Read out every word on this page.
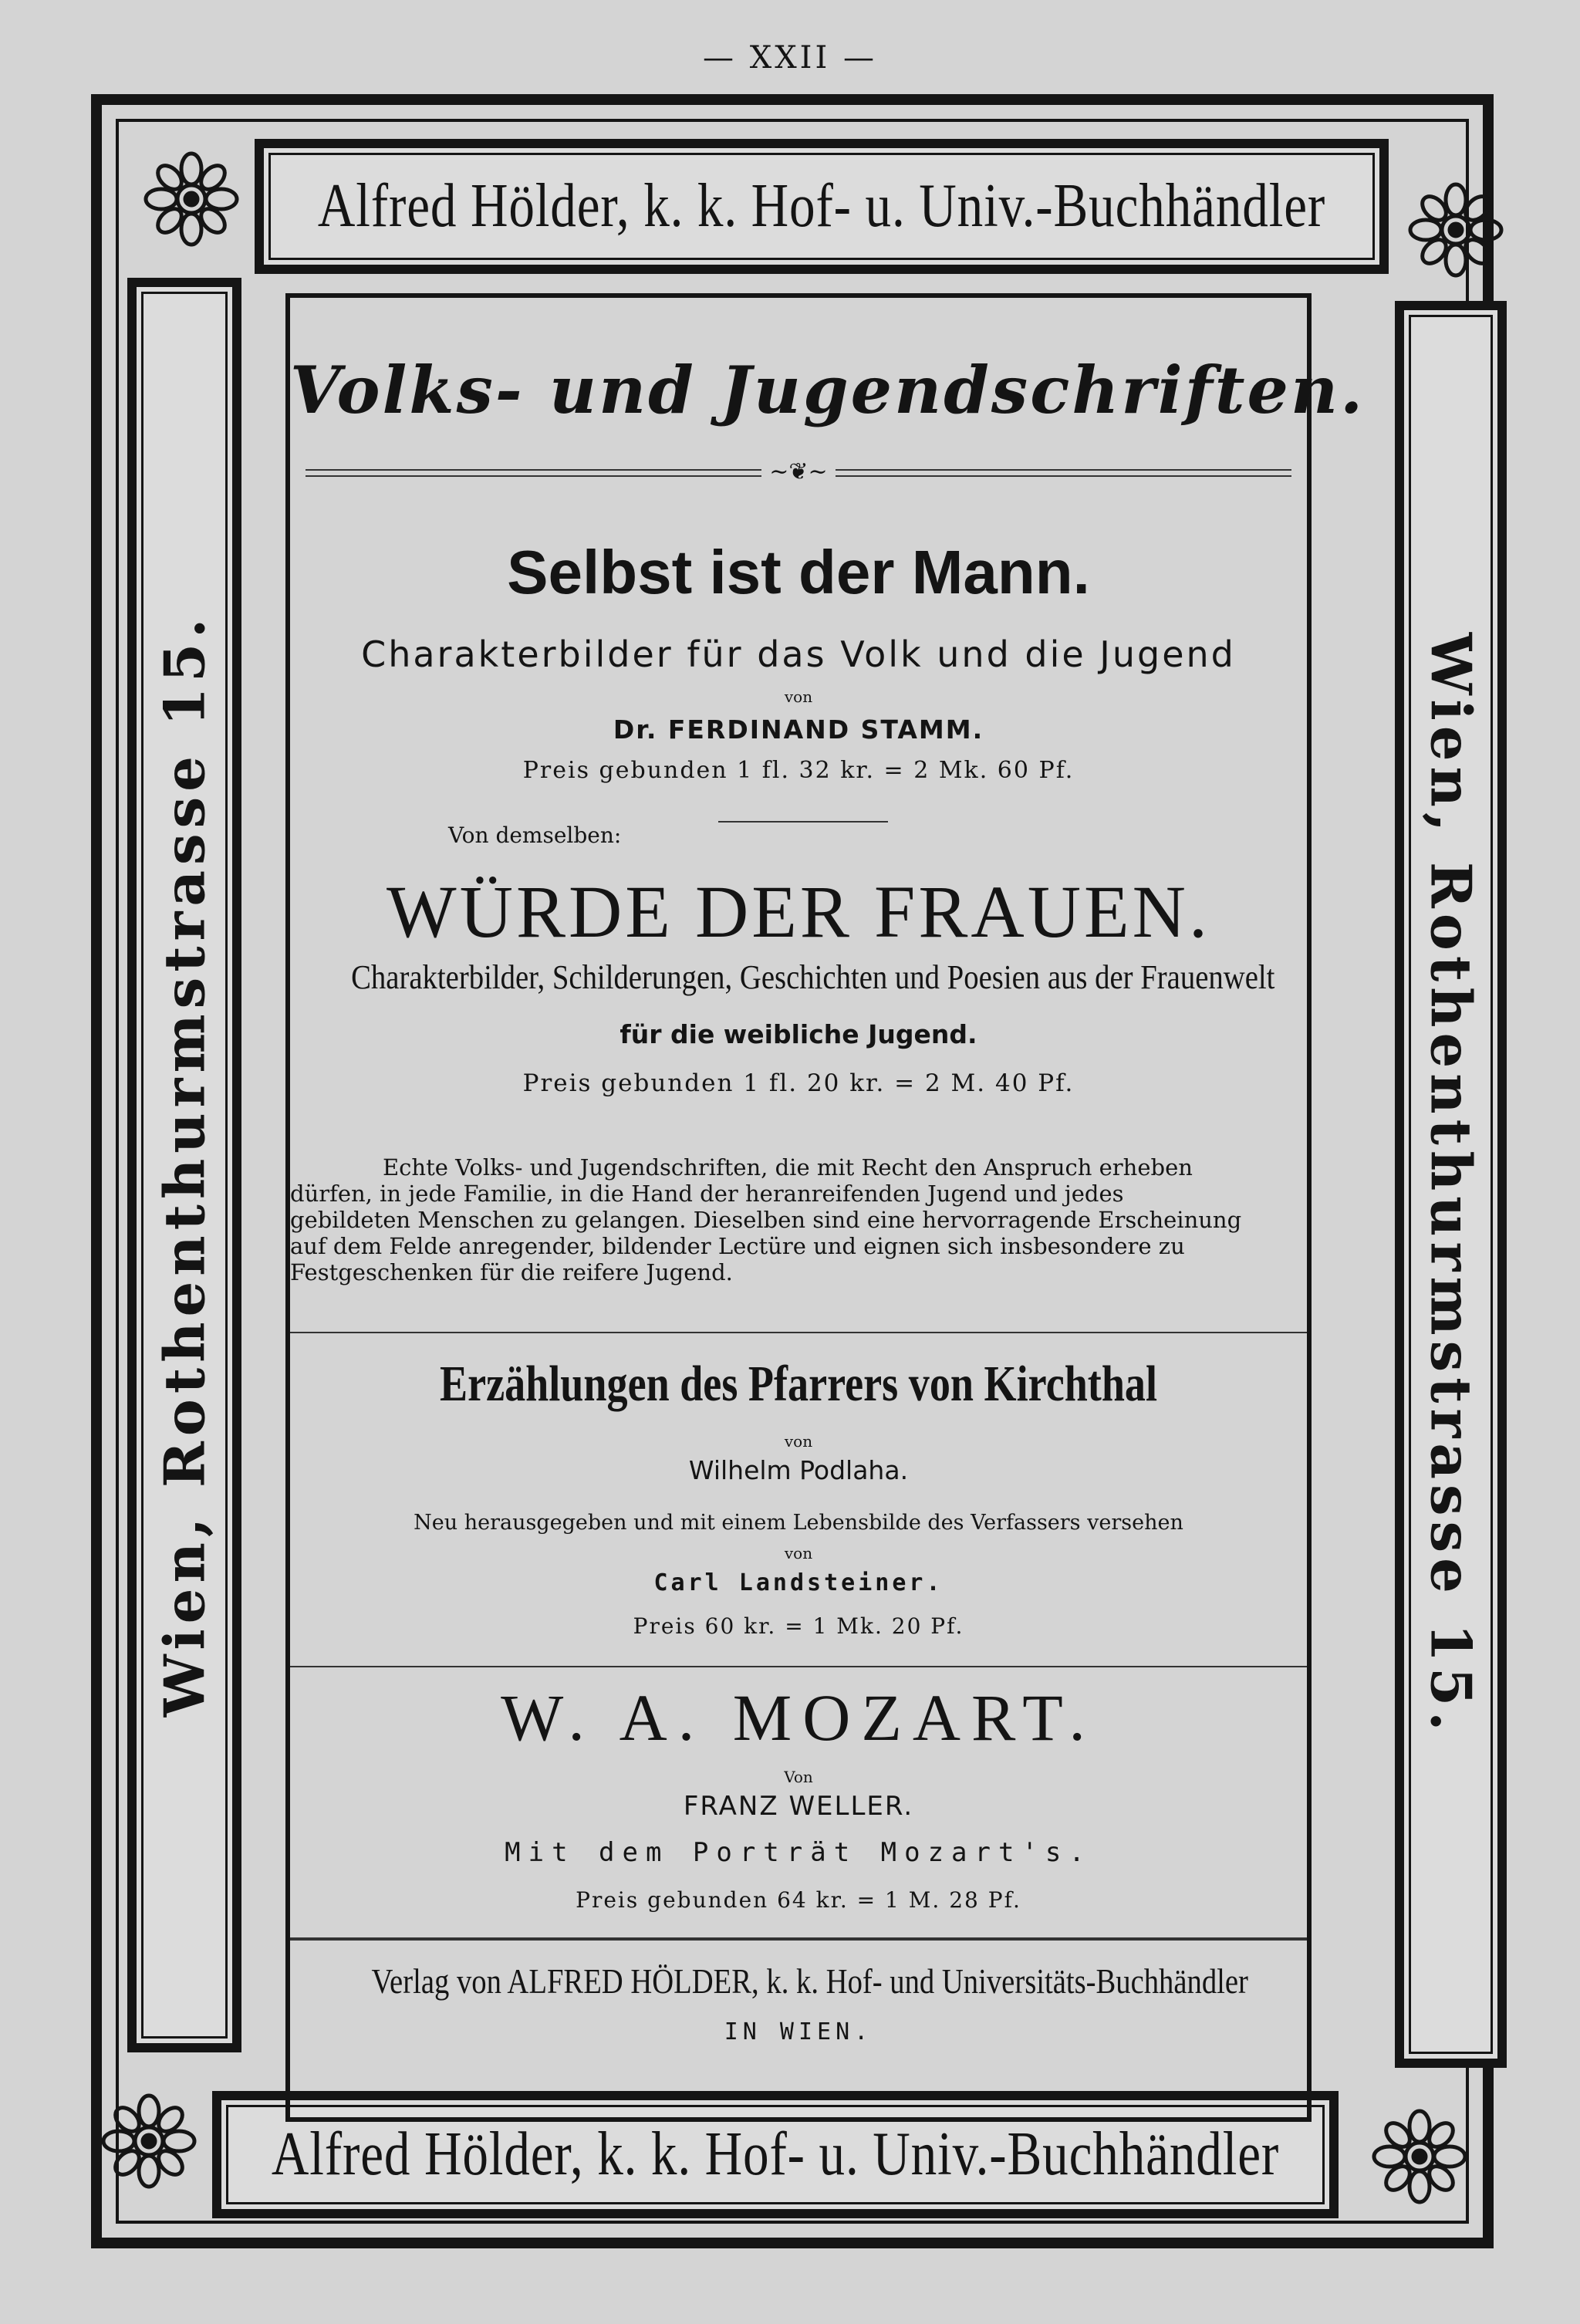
— XXII —
Alfred Hölder, k. k. Hof- u. Univ.-Buchhändler
Alfred Hölder, k. k. Hof- u. Univ.-Buchhändler
Wien, Rothenthurmstrasse 15.	Wien, Rothenthurmstrasse 15.
Volks- und Jugendschriften.
∼❦∼
Selbst ist der Mann.
Charakterbilder für das Volk und die Jugend
von
Dr. FERDINAND STAMM.
Preis gebunden 1 fl. 32 kr. = 2 Mk. 60 Pf.
Von demselben:
WÜRDE DER FRAUEN.
Charakterbilder, Schilderungen, Geschichten und Poesien aus der Frauenwelt
für die weibliche Jugend.
Preis gebunden 1 fl. 20 kr. = 2 M. 40 Pf.
Echte Volks- und Jugendschriften, die mit Recht den Anspruch erheben
dürfen, in jede Familie, in die Hand der heranreifenden Jugend und jedes
gebildeten Menschen zu gelangen. Dieselben sind eine hervorragende Erscheinung
auf dem Felde anregender, bildender Lectüre und eignen sich insbesondere zu
Festgeschenken für die reifere Jugend.
Erzählungen des Pfarrers von Kirchthal
von
Wilhelm Podlaha.
Neu herausgegeben und mit einem Lebensbilde des Verfassers versehen
von
Carl Landsteiner.
Preis 60 kr. = 1 Mk. 20 Pf.
W. A. MOZART.
Von
FRANZ WELLER.
Mit dem Porträt Mozart's.
Preis gebunden 64 kr. = 1 M. 28 Pf.
Verlag von ALFRED HÖLDER, k. k. Hof- und Universitäts-Buchhändler
IN WIEN.
